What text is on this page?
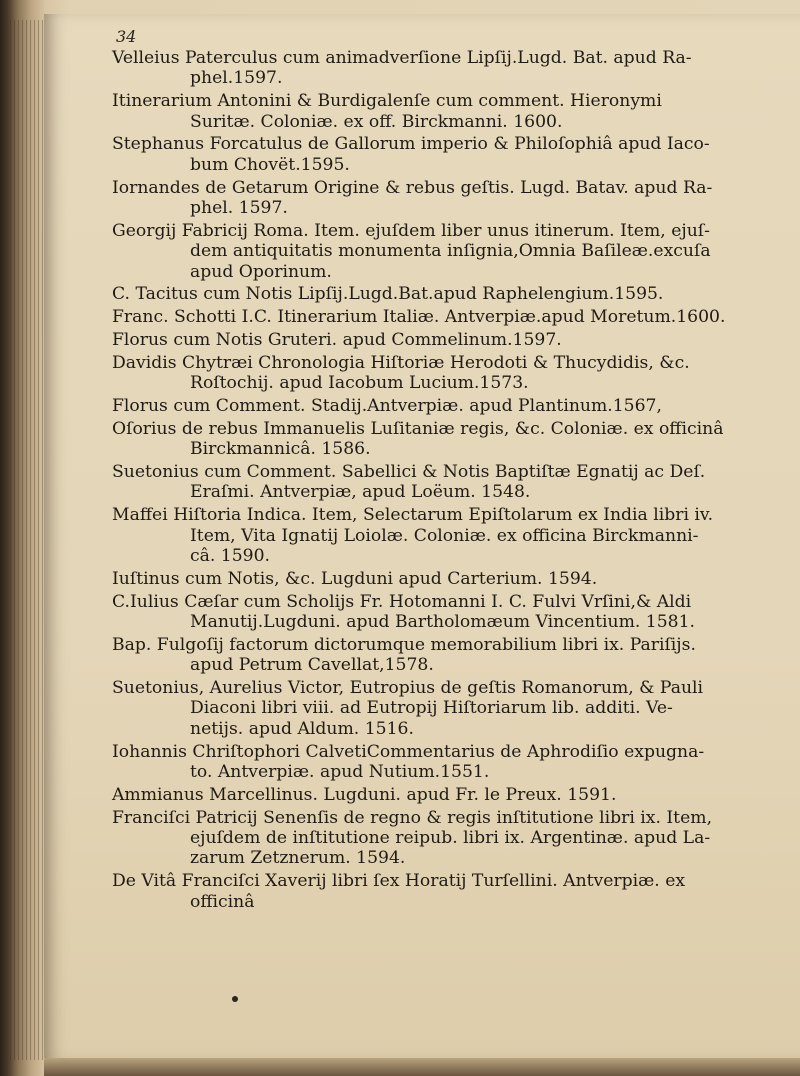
34
Velleius Paterculus cum animadverſione Lipſij.Lugd. Bat. apud Ra-
phel.1597.
Itinerarium Antonini & Burdigalenſe cum comment. Hieronymi
Suritæ. Coloniæ. ex off. Birckmanni. 1600.
Stephanus Forcatulus de Gallorum imperio & Philoſophiâ apud Iaco-
bum Chovët.1595.
Iornandes de Getarum Origine & rebus geſtis. Lugd. Batav. apud Ra-
phel. 1597.
Georgij Fabricij Roma. Item. ejuſdem liber unus itinerum. Item, ejuſ-
dem antiquitatis monumenta inſignia,Omnia Baſileæ.excuſa
apud Oporinum.
C. Tacitus cum Notis Lipſij.Lugd.Bat.apud Raphelengium.1595.
Franc. Schotti I.C. Itinerarium Italiæ. Antverpiæ.apud Moretum.1600.
Florus cum Notis Gruteri. apud Commelinum.1597.
Davidis Chytræi Chronologia Hiſtoriæ Herodoti & Thucydidis, &c.
Roſtochij. apud Iacobum Lucium.1573.
Florus cum Comment. Stadij.Antverpiæ. apud Plantinum.1567,
Oſorius de rebus Immanuelis Luſitaniæ regis, &c. Coloniæ. ex officinâ
Birckmannicâ. 1586.
Suetonius cum Comment. Sabellici & Notis Baptiſtæ Egnatij ac Deſ.
Eraſmi. Antverpiæ, apud Loëum. 1548.
Maffei Hiſtoria Indica. Item, Selectarum Epiſtolarum ex India libri iv.
Item, Vita Ignatij Loiolæ. Coloniæ. ex officina Birckmanni-
câ. 1590.
Iuſtinus cum Notis, &c. Lugduni apud Carterium. 1594.
C.Iulius Cæſar cum Scholijs Fr. Hotomanni I. C. Fulvi Vrſini,& Aldi
Manutij.Lugduni. apud Bartholomæum Vincentium. 1581.
Bap. Fulgoſij factorum dictorumque memorabilium libri ix. Pariſijs.
apud Petrum Cavellat,1578.
Suetonius, Aurelius Victor, Eutropius de geſtis Romanorum, & Pauli
Diaconi libri viii. ad Eutropij Hiſtoriarum lib. additi. Ve-
netijs. apud Aldum. 1516.
Iohannis Chriſtophori CalvetiCommentarius de Aphrodiſio expugna-
to. Antverpiæ. apud Nutium.1551.
Ammianus Marcellinus. Lugduni. apud Fr. le Preux. 1591.
Franciſci Patricij Senenſis de regno & regis inſtitutione libri ix. Item,
ejuſdem de inſtitutione reipub. libri ix. Argentinæ. apud La-
zarum Zetznerum. 1594.
De Vitâ Franciſci Xaverij libri ſex Horatij Turſellini. Antverpiæ. ex
officinâ
